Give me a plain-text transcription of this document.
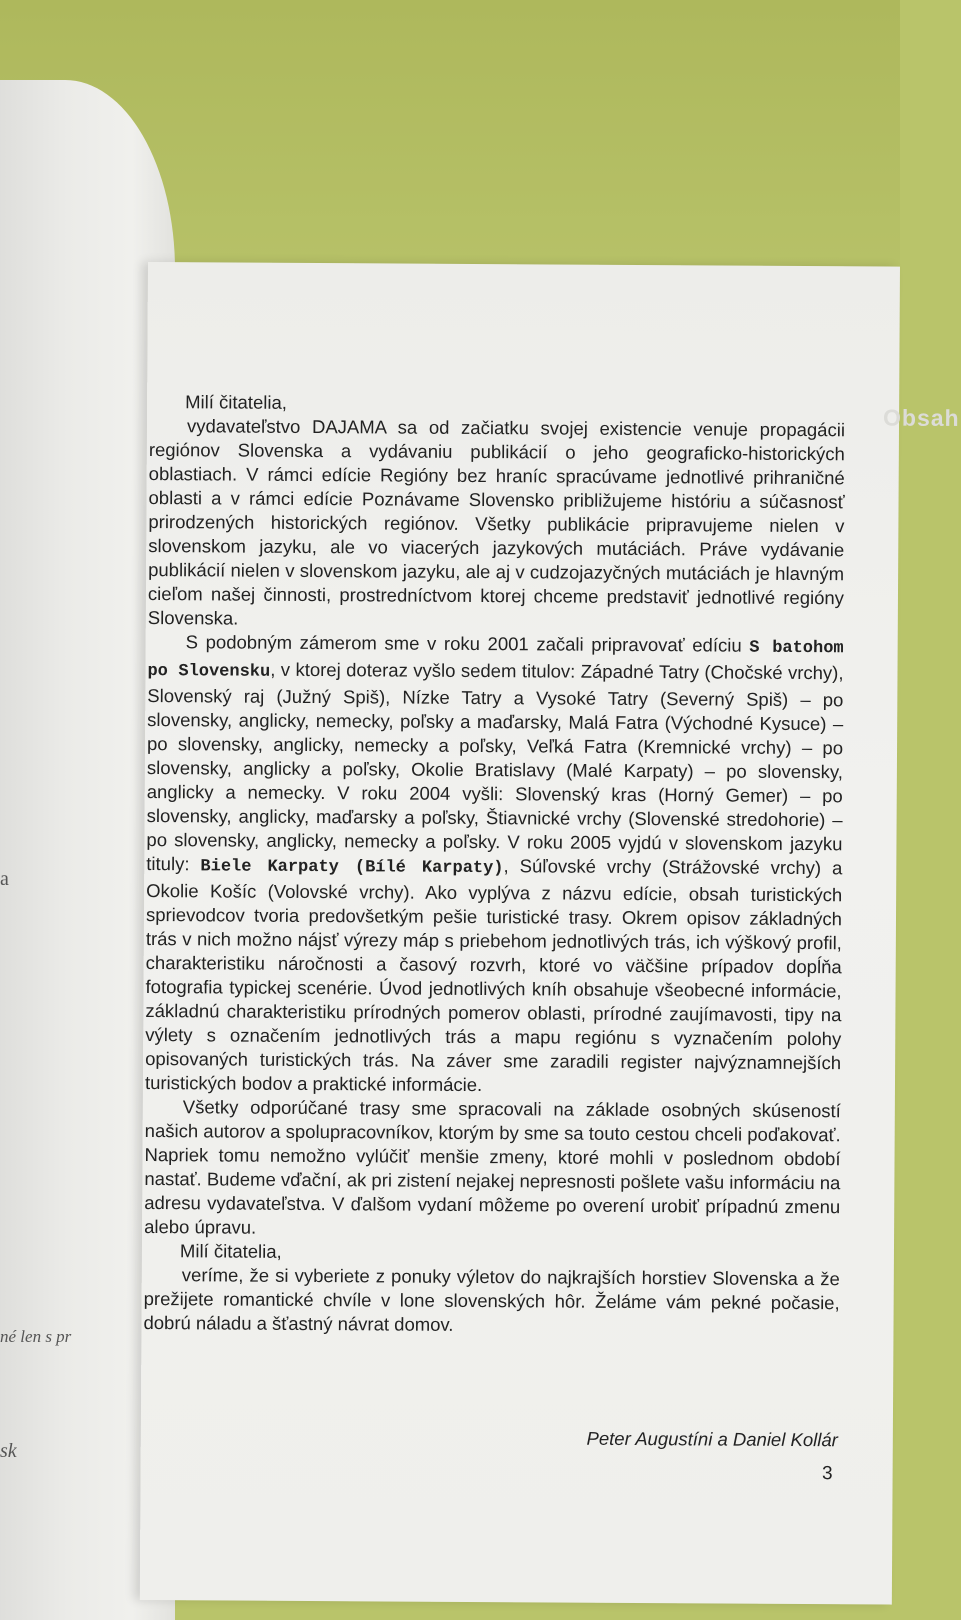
a
né len s pr
sk
Obsah

Milí čitatelia,

vydavateľstvo DAJAMA sa od začiatku svojej existencie venuje propagácii regiónov Slovenska a vydávaniu publikácií o jeho geograficko-historických oblastiach. V rámci edície Regióny bez hraníc spracúvame jednotlivé prihraničné oblasti a v rámci edície Poznávame Slovensko približujeme históriu a súčasnosť prirodzených historických regiónov. Všetky publikácie pripravujeme nielen v slovenskom jazyku, ale vo viacerých jazykových mutáciách. Práve vydávanie publikácií nielen v slovenskom jazyku, ale aj v cudzojazyčných mutáciách je hlavným cieľom našej činnosti, prostredníctvom ktorej chceme predstaviť jednotlivé regióny Slovenska.

S podobným zámerom sme v roku 2001 začali pripravovať edíciu S batohom po Slovensku, v ktorej doteraz vyšlo sedem titulov: Západné Tatry (Chočské vrchy), Slovenský raj (Južný Spiš), Nízke Tatry a Vysoké Tatry (Severný Spiš) – po slovensky, anglicky, nemecky, poľsky a maďarsky, Malá Fatra (Východné Kysuce) – po slovensky, anglicky, nemecky a poľsky, Veľká Fatra (Kremnické vrchy) – po slovensky, anglicky a poľsky, Okolie Bratislavy (Malé Karpaty) – po slovensky, anglicky a nemecky. V roku 2004 vyšli: Slovenský kras (Horný Gemer) – po slovensky, anglicky, maďarsky a poľsky, Štiavnické vrchy (Slovenské stredohorie) – po slovensky, anglicky, nemecky a poľsky. V roku 2005 vyjdú v slovenskom jazyku tituly: Biele Karpaty (Bílé Karpaty), Súľovské vrchy (Strážovské vrchy) a Okolie Košíc (Volovské vrchy). Ako vyplýva z názvu edície, obsah turistických sprievodcov tvoria predovšetkým pešie turistické trasy. Okrem opisov základných trás v nich možno nájsť výrezy máp s priebehom jednotlivých trás, ich výškový profil, charakteristiku náročnosti a časový rozvrh, ktoré vo väčšine prípadov dopĺňa fotografia typickej scenérie. Úvod jednotlivých kníh obsahuje všeobecné informácie, základnú charakteristiku prírodných pomerov oblasti, prírodné zaujímavosti, tipy na výlety s označením jednotlivých trás a mapu regiónu s vyznačením polohy opisovaných turistických trás. Na záver sme zaradili register najvýznamnejších turistických bodov a praktické informácie.

Všetky odporúčané trasy sme spracovali na základe osobných skúseností našich autorov a spolupracovníkov, ktorým by sme sa touto cestou chceli poďakovať. Napriek tomu nemožno vylúčiť menšie zmeny, ktoré mohli v poslednom období nastať. Budeme vďační, ak pri zistení nejakej nepresnosti pošlete vašu informáciu na adresu vydavateľstva. V ďalšom vydaní môžeme po overení urobiť prípadnú zmenu alebo úpravu.

Milí čitatelia,

veríme, že si vyberiete z ponuky výletov do najkrajších horstiev Slovenska a že prežijete romantické chvíle v lone slovenských hôr. Želáme vám pekné počasie, dobrú náladu a šťastný návrat domov.

Peter Augustíni a Daniel Kollár
3
